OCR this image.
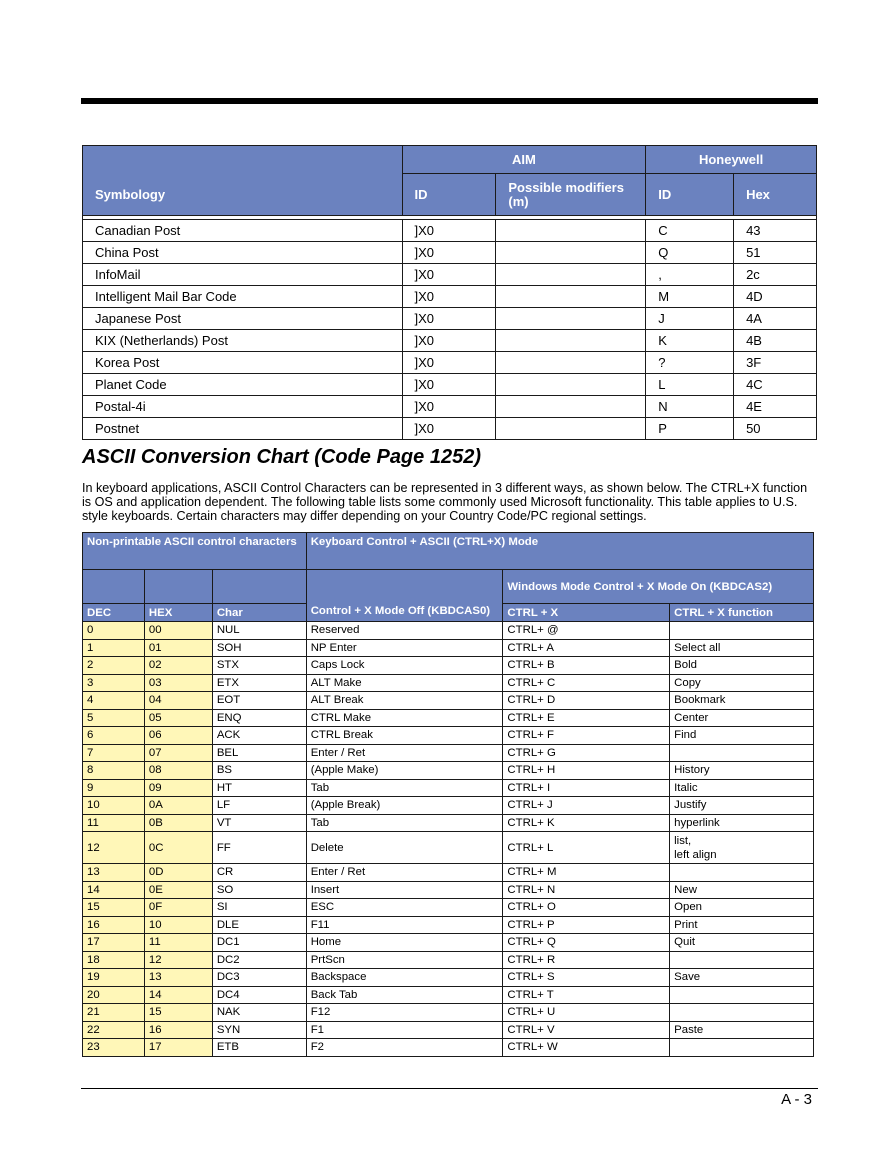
Symbology	AIM		Honeywell	
	ID	Possible modifiers (m)	ID	Hex

Canadian Post	]X0		C	43
China Post	]X0		Q	51
InfoMail	]X0		,	2c
Intelligent Mail Bar Code	]X0		M	4D
Japanese Post	]X0		J	4A
KIX (Netherlands) Post	]X0		K	4B
Korea Post	]X0		?	3F
Planet Code	]X0		L	4C
Postal-4i	]X0		N	4E
Postnet	]X0		P	50
ASCII Conversion Chart (Code Page 1252)

In keyboard applications, ASCII Control Characters can be represented in 3 different ways, as shown below. The CTRL+X function is OS and application dependent. The following table lists some commonly used Microsoft functionality. This table applies to U.S. style keyboards. Certain characters may differ depending on your Country Code/PC regional settings.

Non-printable ASCII control characters			Keyboard Control + ASCII (CTRL+X) Mode		
			Control + X Mode Off (KBDCAS0)	Windows Mode Control + X Mode On (KBDCAS2)	
DEC	HEX	Char		CTRL + X	CTRL + X function
0	00	NUL	Reserved	CTRL+ @	
1	01	SOH	NP Enter	CTRL+ A	Select all
2	02	STX	Caps Lock	CTRL+ B	Bold
3	03	ETX	ALT Make	CTRL+ C	Copy
4	04	EOT	ALT Break	CTRL+ D	Bookmark
5	05	ENQ	CTRL Make	CTRL+ E	Center
6	06	ACK	CTRL Break	CTRL+ F	Find
7	07	BEL	Enter / Ret	CTRL+ G	
8	08	BS	(Apple Make)	CTRL+ H	History
9	09	HT	Tab	CTRL+ I	Italic
10	0A	LF	(Apple Break)	CTRL+ J	Justify
11	0B	VT	Tab	CTRL+ K	hyperlink
12	0C	FF	Delete	CTRL+ L	list,
left align
13	0D	CR	Enter / Ret	CTRL+ M	
14	0E	SO	Insert	CTRL+ N	New
15	0F	SI	ESC	CTRL+ O	Open
16	10	DLE	F11	CTRL+ P	Print
17	11	DC1	Home	CTRL+ Q	Quit
18	12	DC2	PrtScn	CTRL+ R	
19	13	DC3	Backspace	CTRL+ S	Save
20	14	DC4	Back Tab	CTRL+ T	
21	15	NAK	F12	CTRL+ U	
22	16	SYN	F1	CTRL+ V	Paste
23	17	ETB	F2	CTRL+ W	
A - 3
